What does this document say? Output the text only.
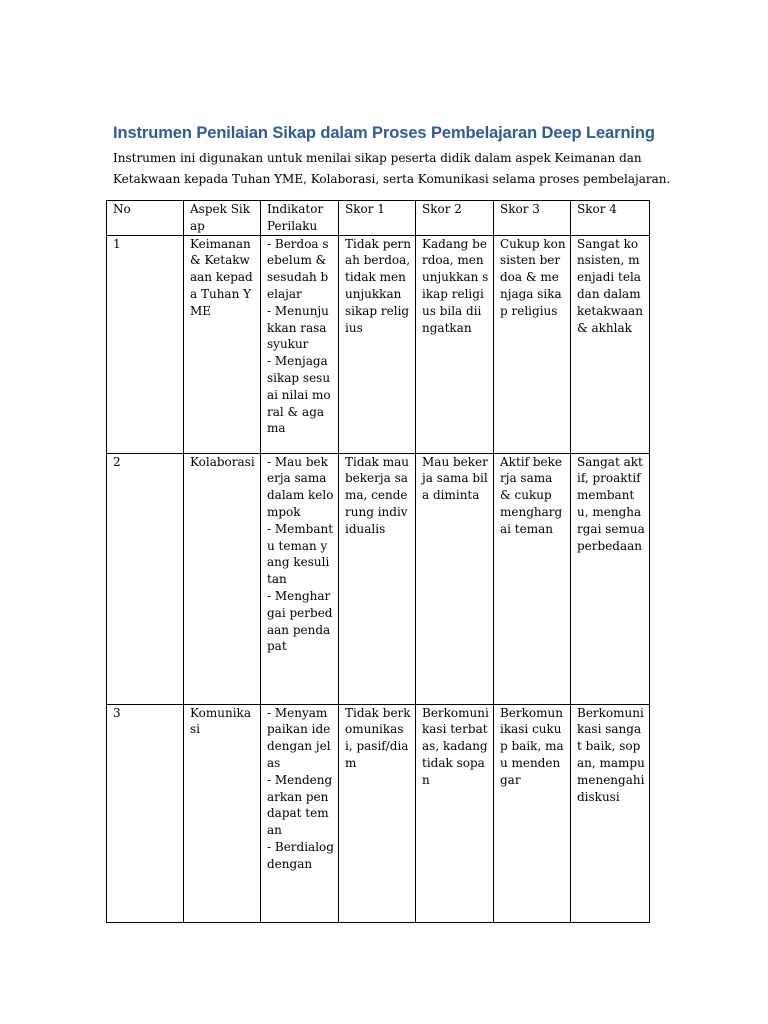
Instrumen Penilaian Sikap dalam Proses Pembelajaran Deep Learning

Instrumen ini digunakan untuk menilai sikap peserta didik dalam aspek Keimanan dan Ketakwaan kepada Tuhan YME, Kolaborasi, serta Komunikasi selama proses pembelajaran.

No	Aspek Sikap	Indikator Perilaku	Skor 1	Skor 2	Skor 3	Skor 4
1	Keimanan & Ketakwaan kepada Tuhan YME	- Berdoa sebelum & sesudah belajar
- Menunjukkan rasa syukur
- Menjaga sikap sesuai nilai moral & agama	Tidak pernah berdoa, tidak menunjukkan sikap religius	Kadang berdoa, menunjukkan sikap religius bila diingatkan	Cukup konsisten berdoa & menjaga sikap religius	Sangat konsisten, menjadi teladan dalam ketakwaan & akhlak
2	Kolaborasi	- Mau bekerja sama dalam kelompok
- Membantu teman yang kesulitan
- Menghargai perbedaan pendapat	Tidak mau bekerja sama, cenderung individualis	Mau bekerja sama bila diminta	Aktif bekerja sama & cukup menghargai teman	Sangat aktif, proaktif membantu, menghargai semua perbedaan
3	Komunikasi	- Menyampaikan ide dengan jelas
- Mendengarkan pendapat teman
- Berdialog dengan	Tidak berkomunikasi, pasif/diam	Berkomunikasi terbatas, kadang tidak sopan	Berkomunikasi cukup baik, mau mendengar	Berkomunikasi sangat baik, sopan, mampu menengahi diskusi
